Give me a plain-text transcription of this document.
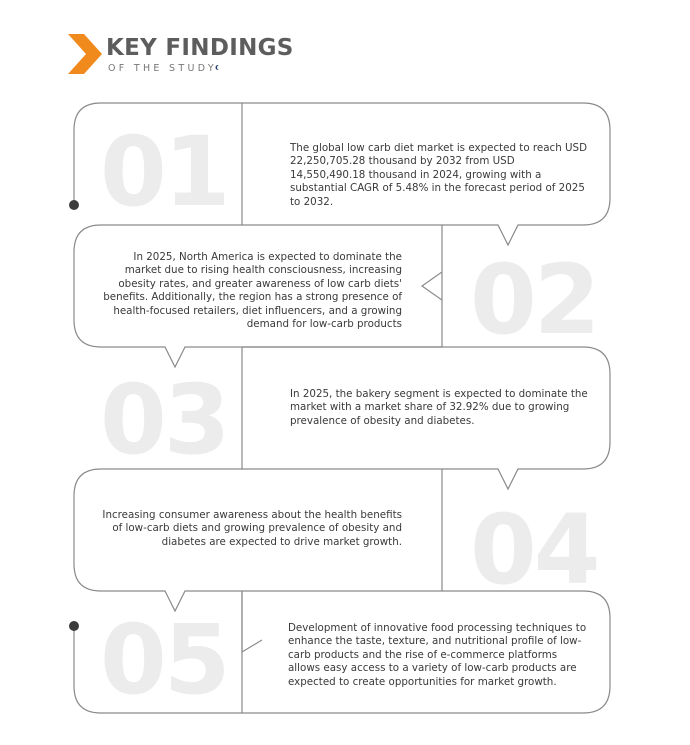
KEY FINDINGS
OF THE STUDY
01	The global low carb diet market is expected to reach USD 22,250,705.28 thousand by 2032 from USD 14,550,490.18 thousand in 2024, growing with a substantial CAGR of 5.48% in the forecast period of 2025 to 2032.

02

In 2025, North America is expected to dominate the market due to rising health consciousness, increasing obesity rates, and greater awareness of low carb diets' benefits. Additionally, the region has a strong presence of health-focused retailers, diet influencers, and a growing demand for low-carb products

03	In 2025, the bakery segment is expected to dominate the market with a market share of 32.92% due to growing prevalence of obesity and diabetes.

04

Increasing consumer awareness about the health benefits of low-carb diets and growing prevalence of obesity and diabetes are expected to drive market growth.

05	Development of innovative food processing techniques to enhance the taste, texture, and nutritional profile of low-carb products and the rise of e-commerce platforms allows easy access to a variety of low-carb products are expected to create opportunities for market growth.
